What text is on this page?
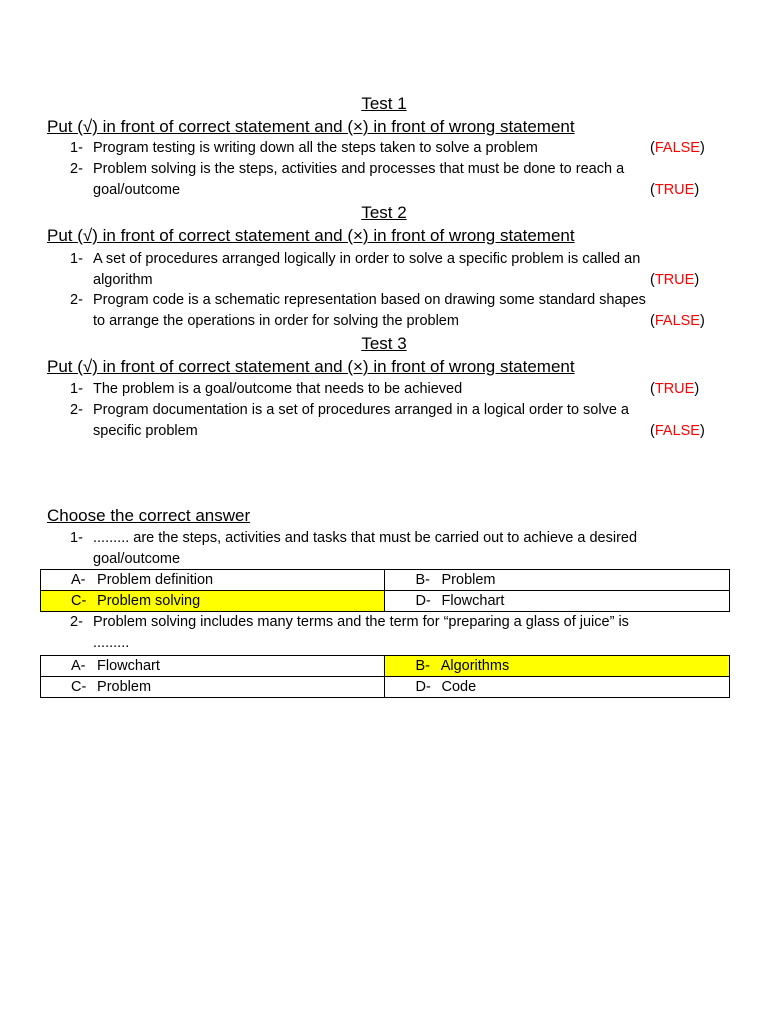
Test 1
Put (√) in front of correct statement and (×) in front of wrong statement
1- Program testing is writing down all the steps taken to solve a problem	(FALSE)
2- Problem solving is the steps, activities and processes that must be done to reach a
goal/outcome	(TRUE)
Test 2
Put (√) in front of correct statement and (×) in front of wrong statement
1- A set of procedures arranged logically in order to solve a specific problem is called an
algorithm	(TRUE)
2- Program code is a schematic representation based on drawing some standard shapes
to arrange the operations in order for solving the problem	(FALSE)
Test 3
Put (√) in front of correct statement and (×) in front of wrong statement
1- The problem is a goal/outcome that needs to be achieved	(TRUE)
2- Program documentation is a set of procedures arranged in a logical order to solve a
specific problem	(FALSE)
Choose the correct answer
1- ......... are the steps, activities and tasks that must be carried out to achieve a desired
goal/outcome
A- Problem definition	B- Problem
C- Problem solving	D- Flowchart
2- Problem solving includes many terms and the term for “preparing a glass of juice” is
.........
A- Flowchart	B- Algorithms
C- Problem	D- Code
